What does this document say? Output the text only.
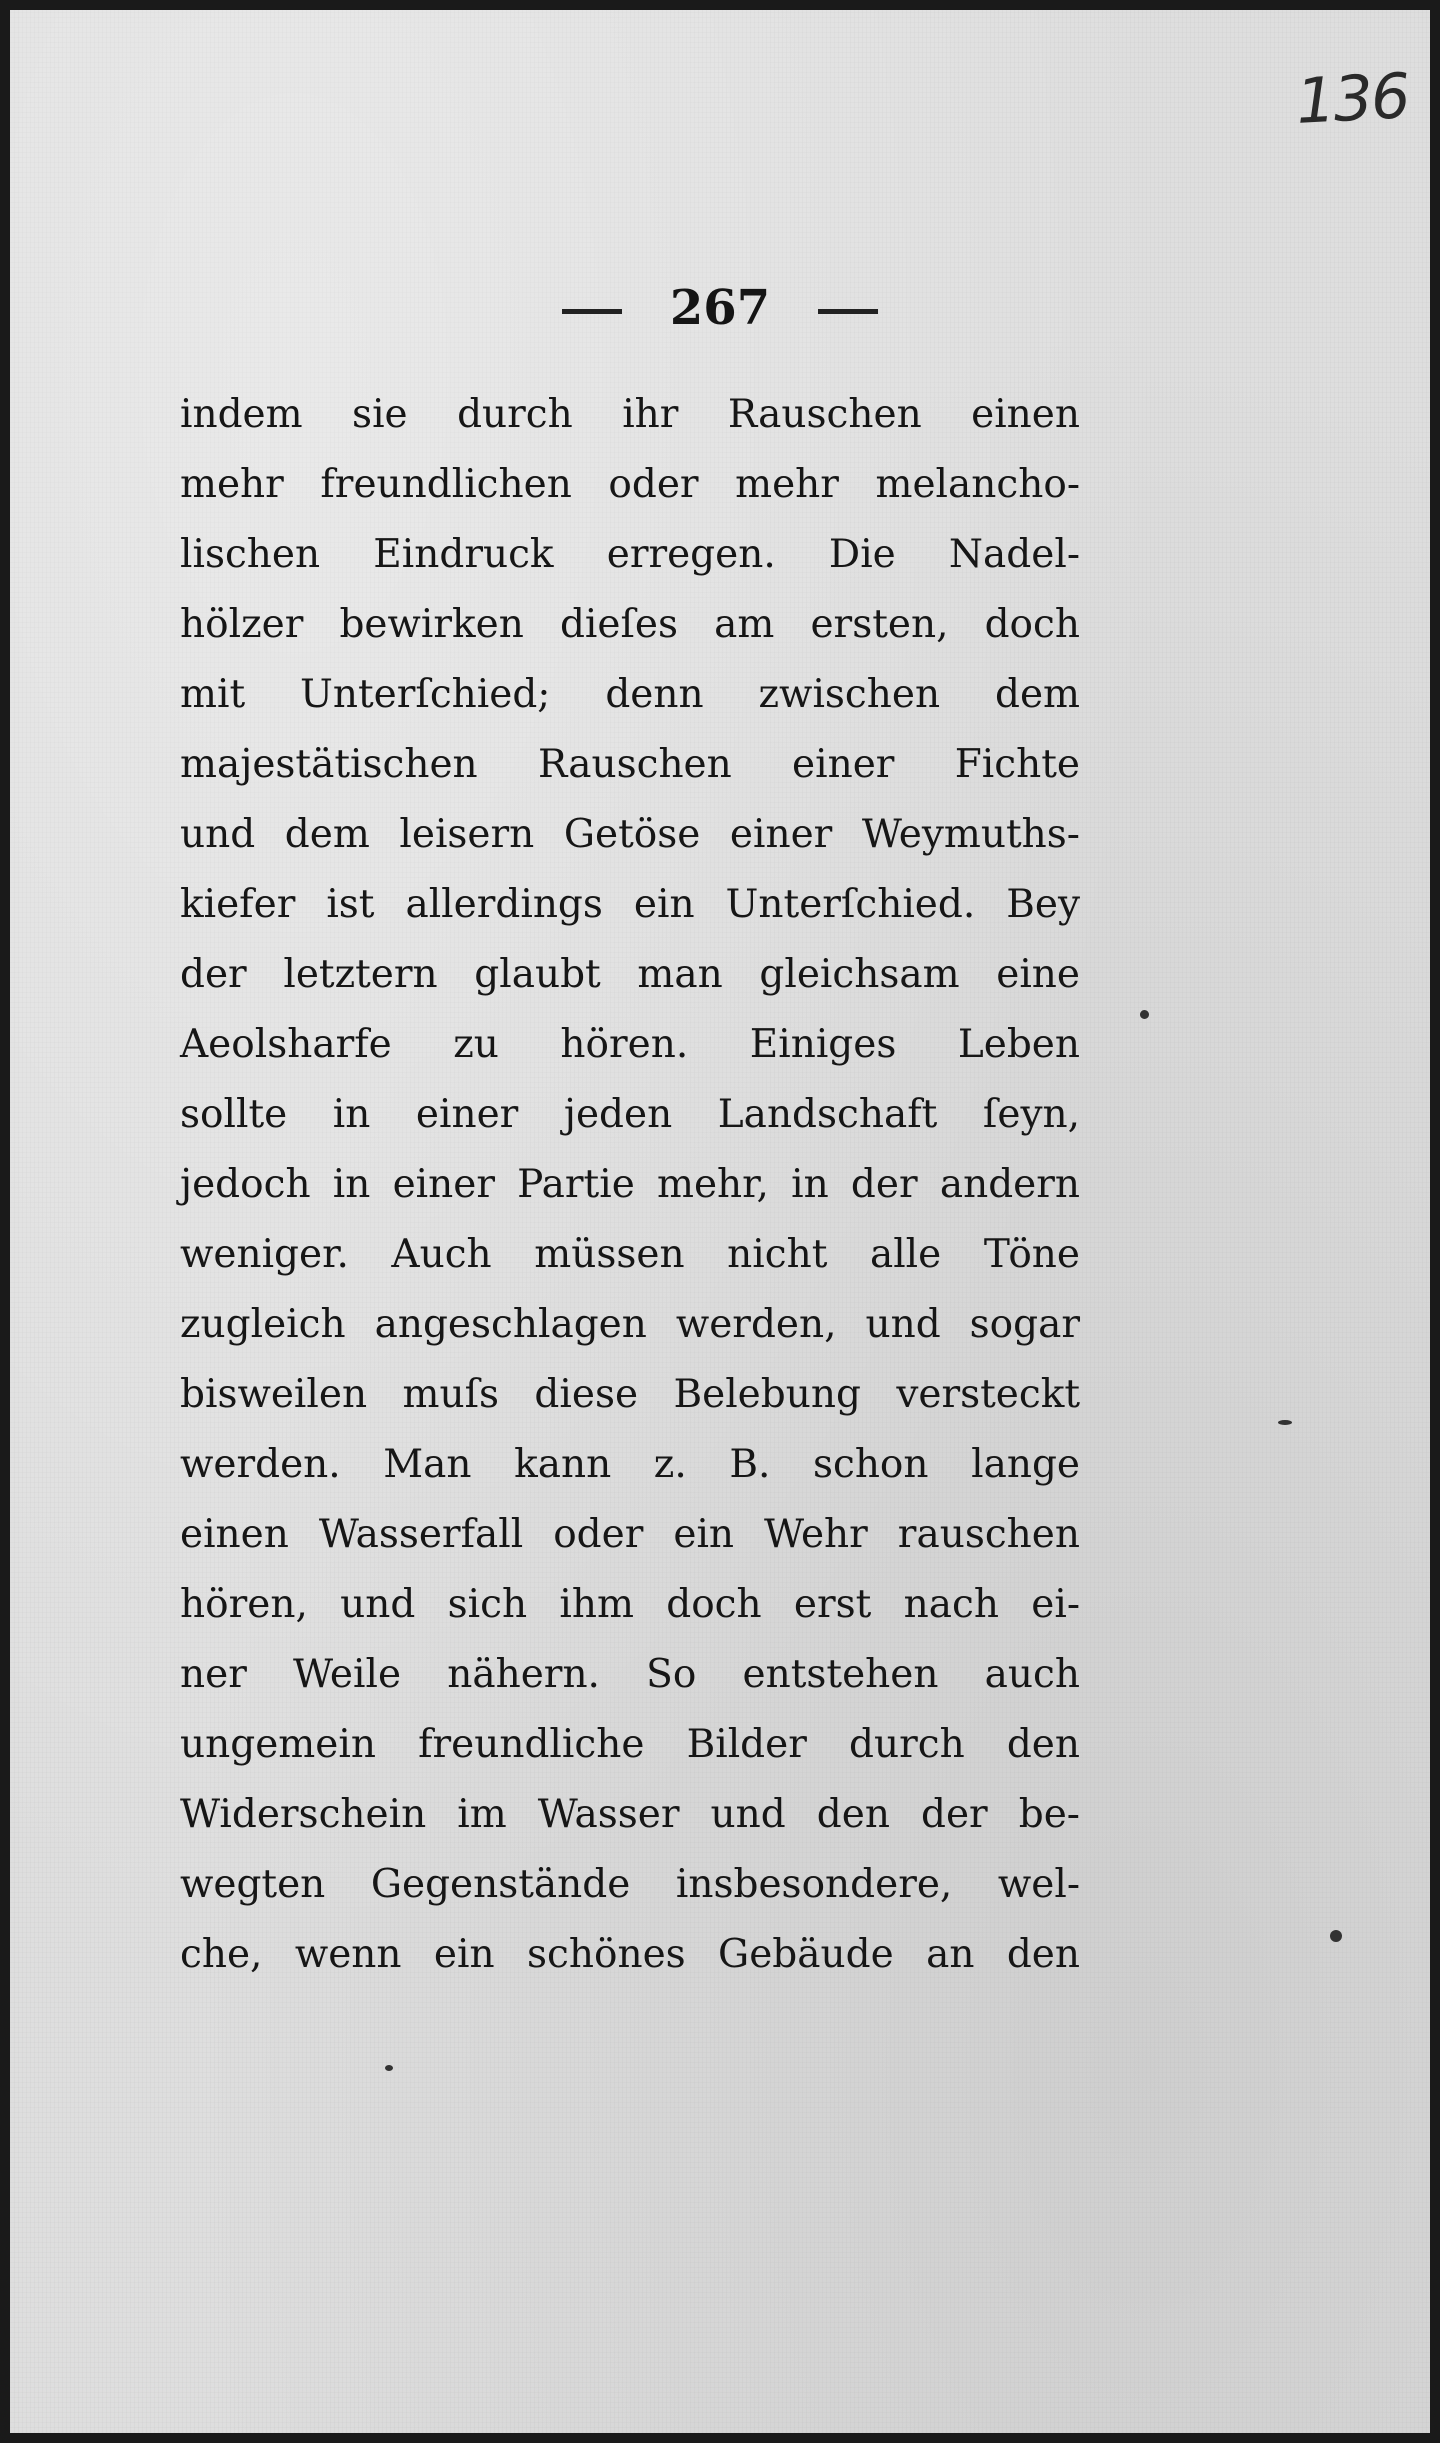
136
267
indem sie durch ihr Rauschen einen
mehr freundlichen oder mehr melancho-
lischen Eindruck erregen. Die Nadel-
hölzer bewirken dieſes am ersten, doch
mit Unterſchied; denn zwischen dem
majestätischen Rauschen einer Fichte
und dem leisern Getöse einer Weymuths-
kiefer ist allerdings ein Unterſchied. Bey
der letztern glaubt man gleichsam eine
Aeolsharfe zu hören. Einiges Leben
sollte in einer jeden Landschaft ſeyn,
jedoch in einer Partie mehr, in der andern
weniger. Auch müssen nicht alle Töne
zugleich angeschlagen werden, und sogar
bisweilen muſs diese Belebung versteckt
werden. Man kann z. B. schon lange
einen Wasserfall oder ein Wehr rauschen
hören, und sich ihm doch erst nach ei-
ner Weile nähern. So entstehen auch
ungemein freundliche Bilder durch den
Widerschein im Wasser und den der be-
wegten Gegenstände insbesondere, wel-
che, wenn ein schönes Gebäude an den
